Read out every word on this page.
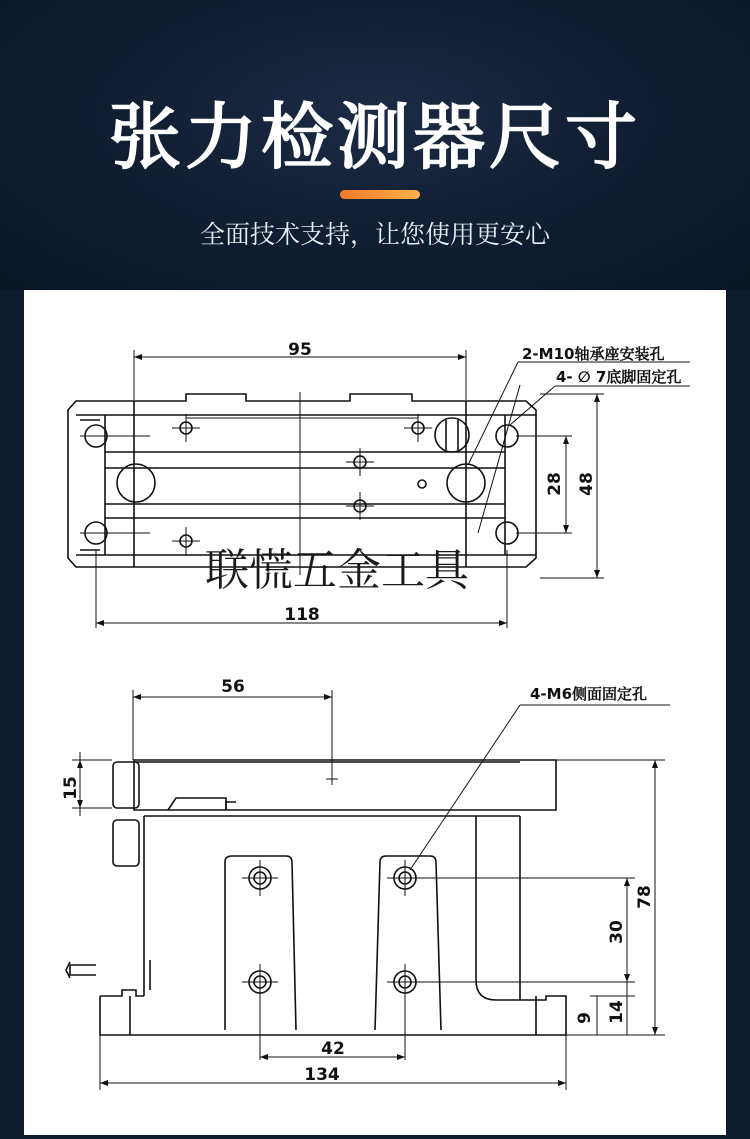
张力检测器尺寸
全面技术支持，让您使用更安心
95
118
28 48
2-M10轴承座安装孔
4- ∅ 7底脚固定孔
56
15
78
30
14
9
42
134
4-M6侧面固定孔
联慌五金工具
